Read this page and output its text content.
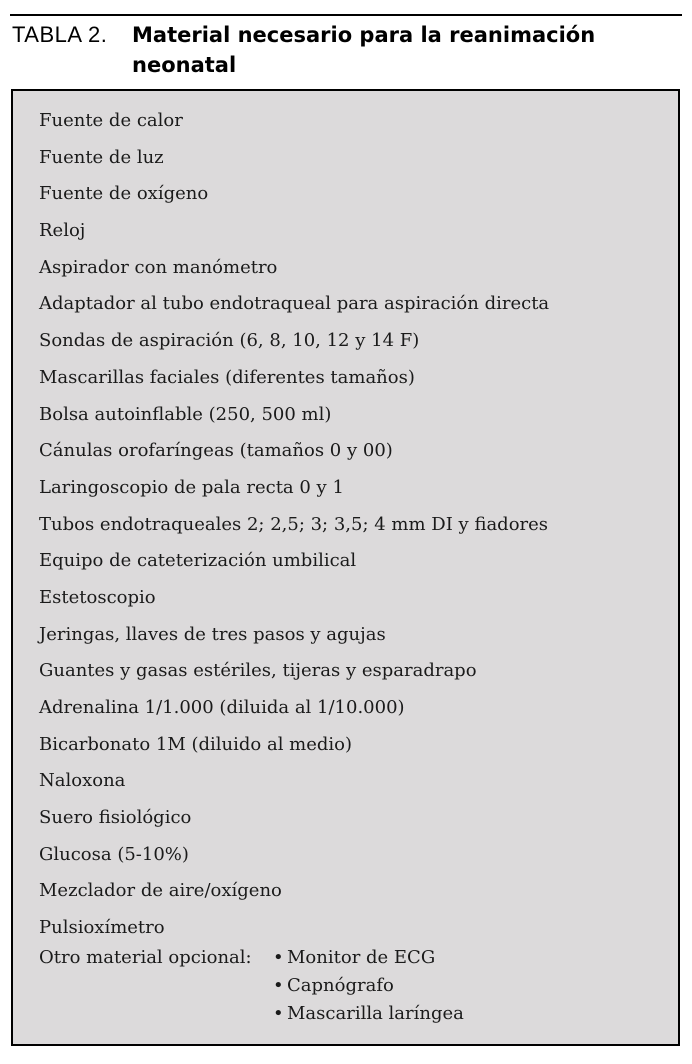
TABLA 2. Material necesario para la reanimación
neonatal
Fuente de calor
Fuente de luz
Fuente de oxígeno
Reloj
Aspirador con manómetro
Adaptador al tubo endotraqueal para aspiración directa
Sondas de aspiración (6, 8, 10, 12 y 14 F)
Mascarillas faciales (diferentes tamaños)
Bolsa autoinflable (250, 500 ml)
Cánulas orofaríngeas (tamaños 0 y 00)
Laringoscopio de pala recta 0 y 1
Tubos endotraqueales 2; 2,5; 3; 3,5; 4 mm DI y fiadores
Equipo de cateterización umbilical
Estetoscopio
Jeringas, llaves de tres pasos y agujas
Guantes y gasas estériles, tijeras y esparadrapo
Adrenalina 1/1.000 (diluida al 1/10.000)
Bicarbonato 1M (diluido al medio)
Naloxona
Suero fisiológico
Glucosa (5-10%)
Mezclador de aire/oxígeno
Pulsioxímetro
Otro material opcional: • Monitor de ECG
• Capnógrafo
• Mascarilla laríngea
